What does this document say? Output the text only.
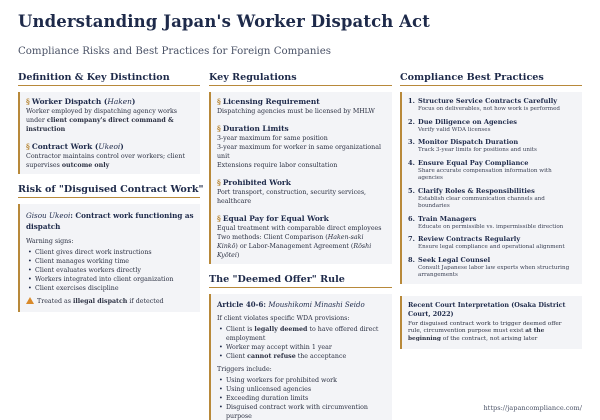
Understanding Japan's Worker Dispatch Act
Compliance Risks and Best Practices for Foreign Companies
Definition & Key Distinction
§ Worker Dispatch (Haken)
Worker employed by dispatching agency works under client company's direct command & instruction
§ Contract Work (Ukeoi)
Contractor maintains control over workers; client supervises outcome only
Risk of "Disguised Contract Work"
Gisou Ukeoi: Contract work functioning as dispatch
Warning signs:
• Client gives direct work instructions
• Client manages working time
• Client evaluates workers directly
• Workers integrated into client organization
• Client exercises discipline
Treated as illegal dispatch if detected
Key Regulations
§ Licensing Requirement
Dispatching agencies must be licensed by MHLW
§ Duration Limits
3-year maximum for same position
3-year maximum for worker in same organizational unit
Extensions require labor consultation
§ Prohibited Work
Port transport, construction, security services, healthcare
§ Equal Pay for Equal Work
Equal treatment with comparable direct employees
Two methods: Client Comparison (Haken-saki Kinkō) or Labor-Management Agreement (Rōshi Kyōtei)
The "Deemed Offer" Rule
Article 40-6: Moushikomi Minashi Seido
If client violates specific WDA provisions:
• Client is legally deemed to have offered direct employment
• Worker may accept within 1 year
• Client cannot refuse the acceptance
Triggers include:
• Using workers for prohibited work
• Using unlicensed agencies
• Exceeding duration limits
• Disguised contract work with circumvention purpose
Compliance Best Practices
1. Structure Service Contracts Carefully
Focus on deliverables, not how work is performed
2. Due Diligence on Agencies
Verify valid WDA licenses
3. Monitor Dispatch Duration
Track 3-year limits for positions and units
4. Ensure Equal Pay Compliance
Share accurate compensation information with agencies
5. Clarify Roles & Responsibilities
Establish clear communication channels and boundaries
6. Train Managers
Educate on permissible vs. impermissible direction
7. Review Contracts Regularly
Ensure legal compliance and operational alignment
8. Seek Legal Counsel
Consult Japanese labor law experts when structuring arrangements
Recent Court Interpretation (Osaka District Court, 2022)
For disguised contract work to trigger deemed offer rule, circumvention purpose must exist at the beginning of the contract, not arising later
https://japancompliance.com/
